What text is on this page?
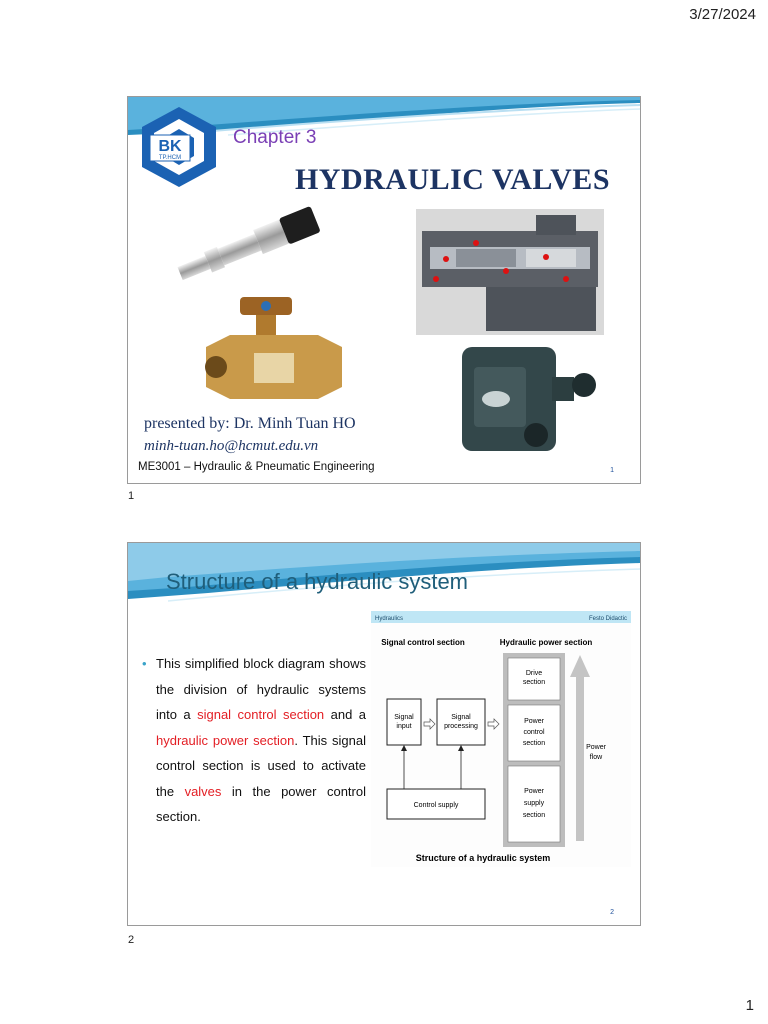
3/27/2024
BK
TP.HCM
Chapter 3
HYDRAULIC VALVES
presented by: Dr. Minh Tuan HO
minh-tuan.ho@hcmut.edu.vn
ME3001 – Hydraulic & Pneumatic Engineering	1
1
Structure of a hydraulic system
• This simplified block diagram shows the division of hydraulic systems into a signal control section and a hydraulic power section. This signal control section is used to activate the valves in the power control section.
Hydraulics	Festo Didactic
Signal control section	Hydraulic power section
Signal
input
Signal
processing
Control supply
Drive
section
Power
control
section
Power
supply
section
Power
flow
Structure of a hydraulic system
2
2
1
